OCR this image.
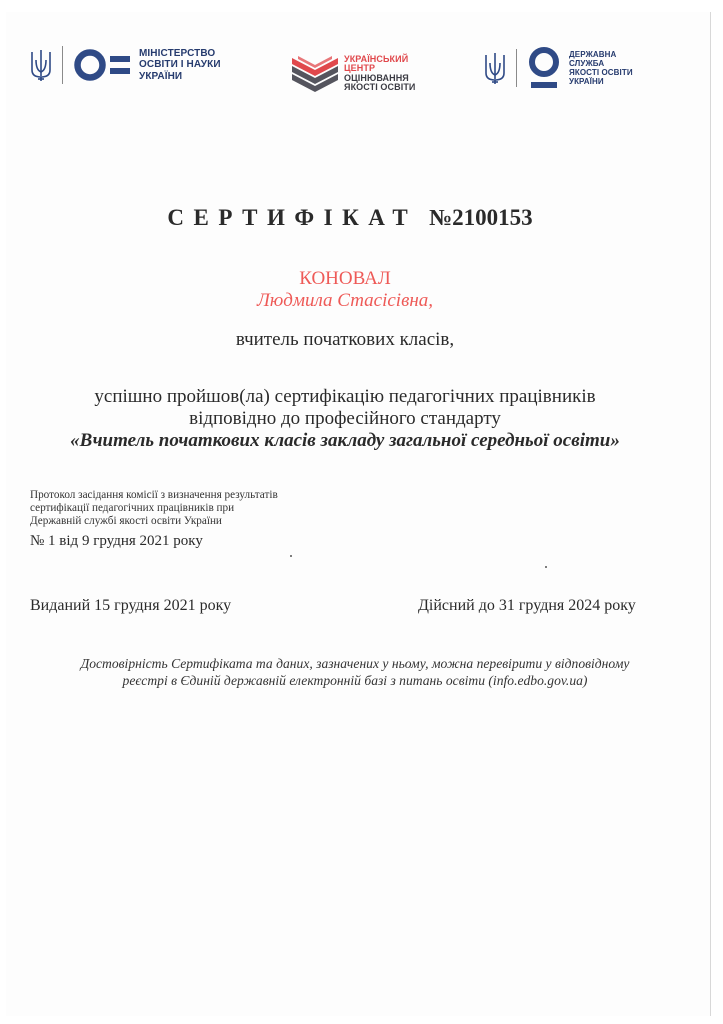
МІНІСТЕРСТВО
ОСВІТИ І НАУКИ
УКРАЇНИ
УКРАЇНСЬКИЙ
ЦЕНТР
ОЦІНЮВАННЯ
ЯКОСТІ ОСВІТИ
ДЕРЖАВНА
СЛУЖБА
ЯКОСТІ ОСВІТИ
УКРАЇНИ
СЕРТИФІКАТ №2100153
КОНОВАЛ
Людмила Стасісівна,
вчитель початкових класів,
успішно пройшов(ла) сертифікацію педагогічних працівників
відповідно до професійного стандарту
«Вчитель початкових класів закладу загальної середньої освіти»
Протокол засідання комісії з визначення результатів
сертифікації педагогічних працівників при
Державній службі якості освіти України
№ 1 від 9 грудня 2021 року
Виданий 15 грудня 2021 року	Дійсний до 31 грудня 2024 року
Достовірність Сертифіката та даних, зазначених у ньому, можна перевірити у відповідному
реєстрі в Єдиній державній електронній базі з питань освіти (info.edbo.gov.ua)
